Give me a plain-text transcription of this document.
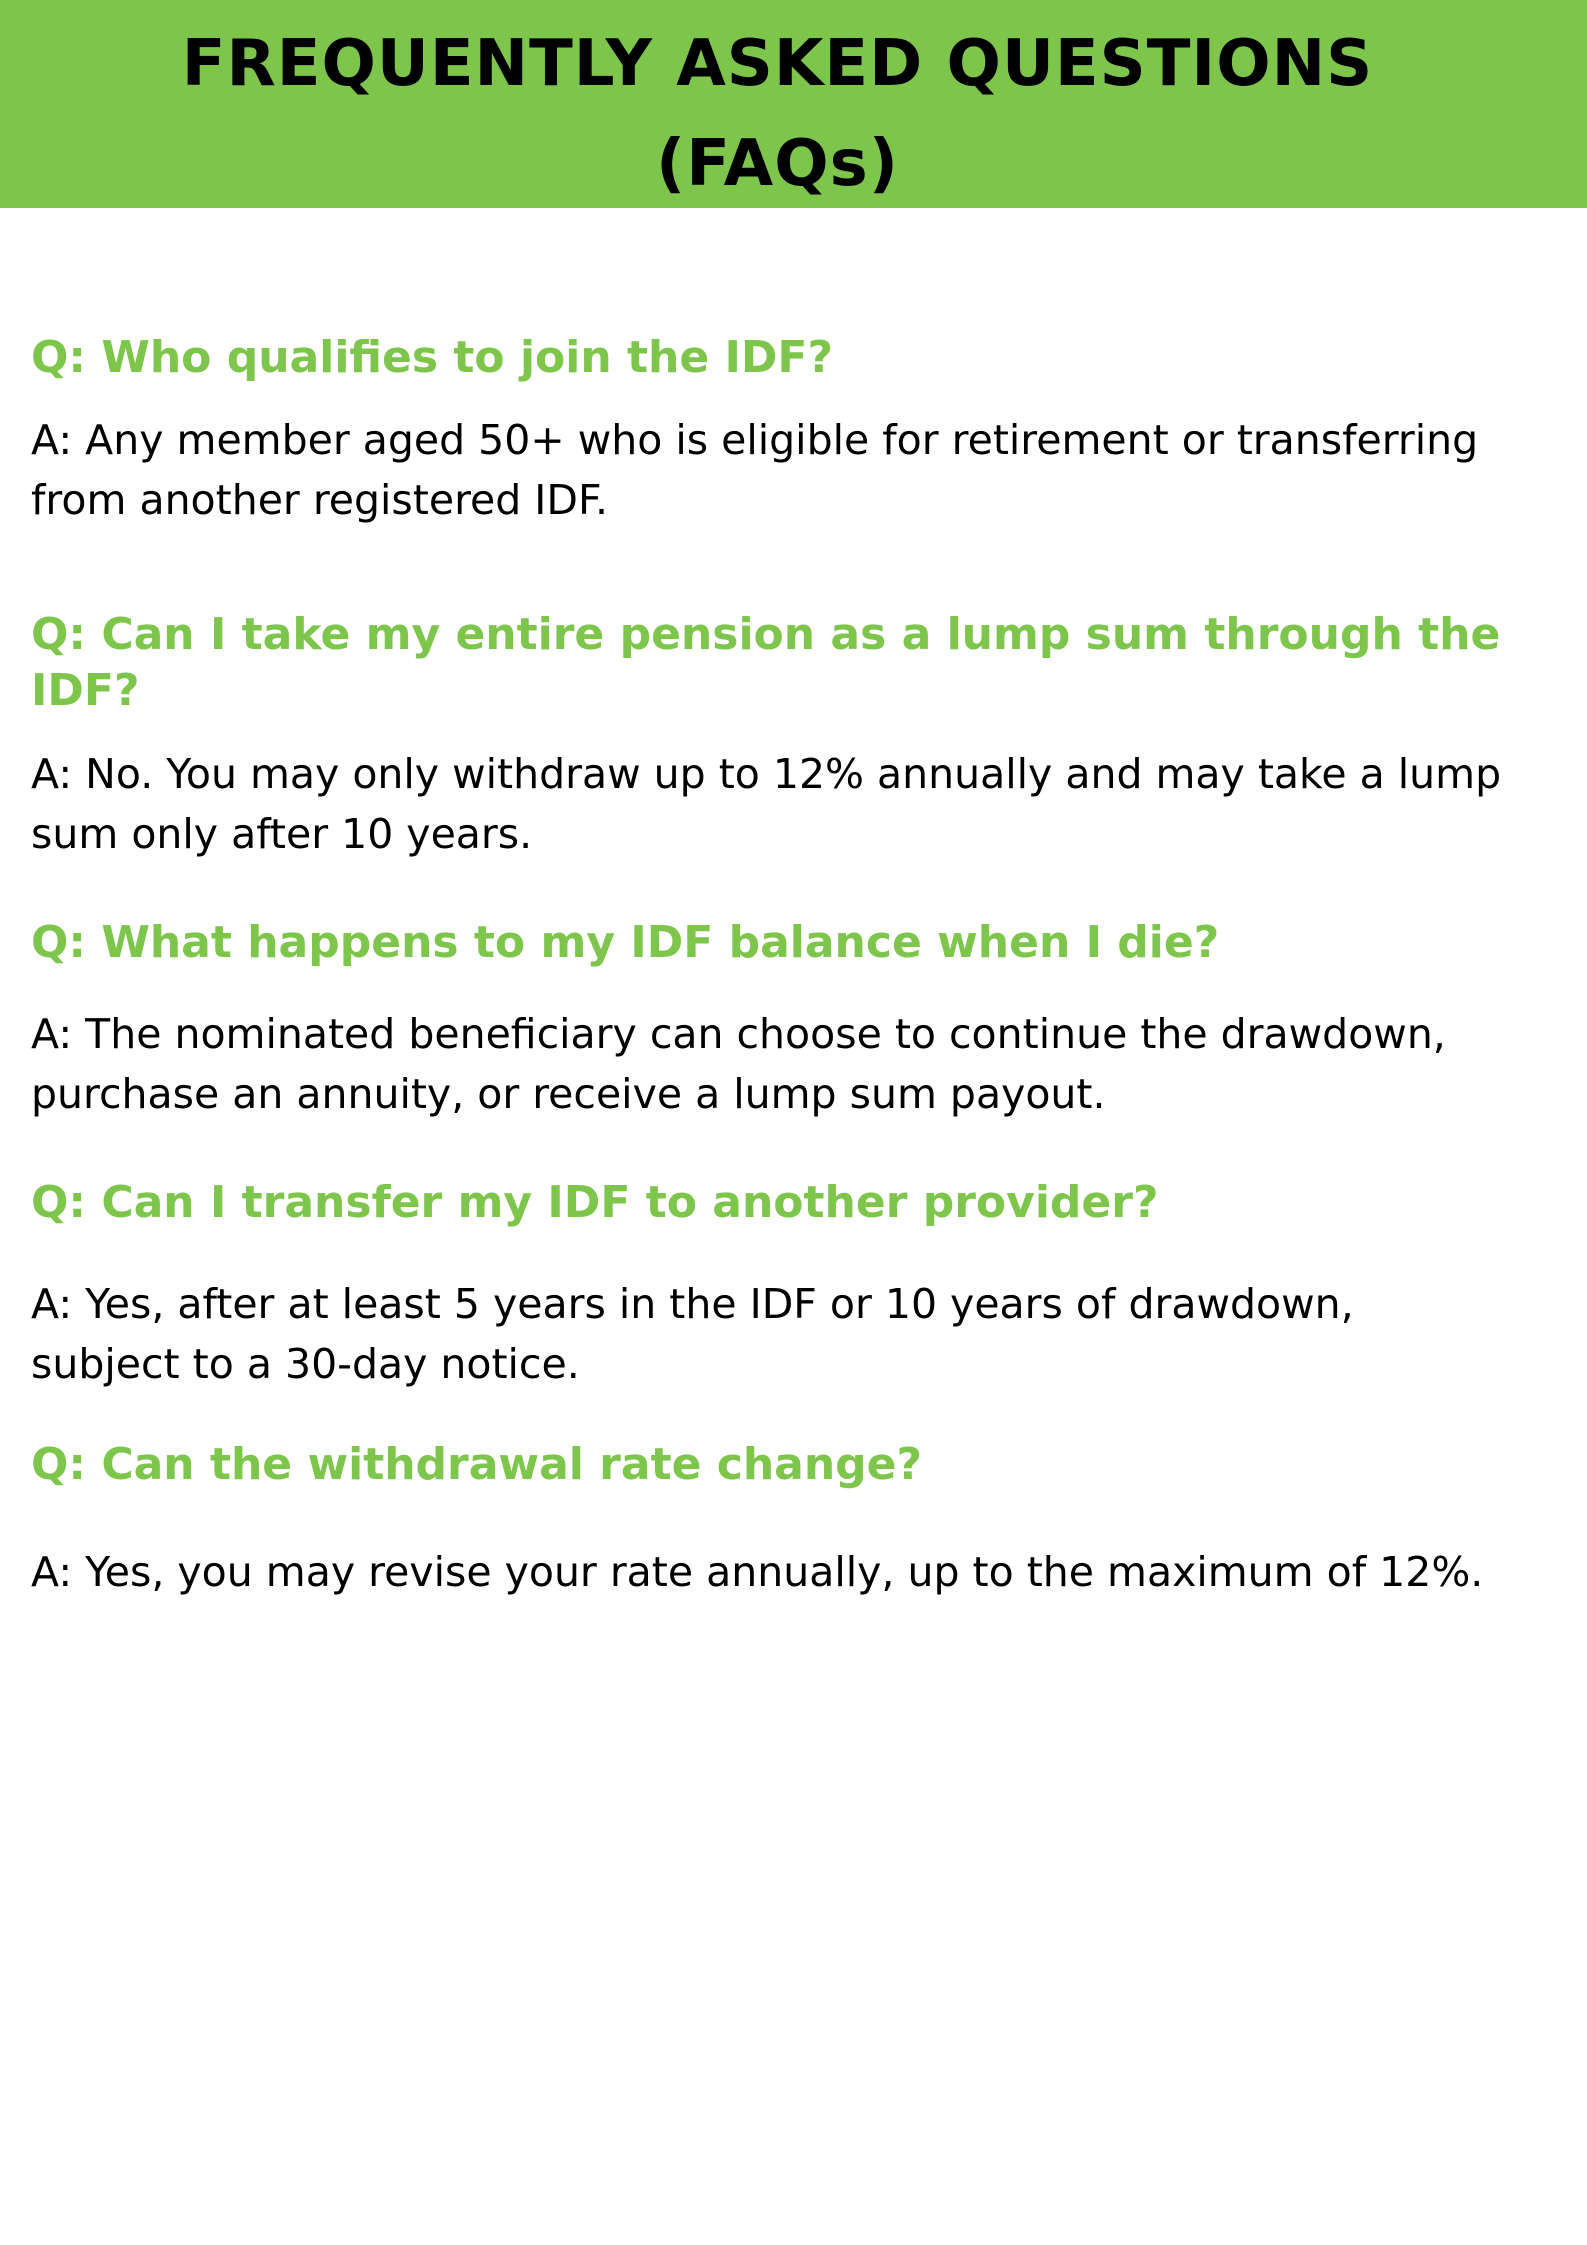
FREQUENTLY ASKED QUESTIONS
(FAQs)
Q: Who qualifies to join the IDF?

A: Any member aged 50+ who is eligible for retirement or transferring
from another registered IDF.

Q: Can I take my entire pension as a lump sum through the
IDF?

A: No. You may only withdraw up to 12% annually and may take a lump
sum only after 10 years.

Q: What happens to my IDF balance when I die?

A: The nominated beneficiary can choose to continue the drawdown,
purchase an annuity, or receive a lump sum payout.

Q: Can I transfer my IDF to another provider?

A: Yes, after at least 5 years in the IDF or 10 years of drawdown,
subject to a 30-day notice.

Q: Can the withdrawal rate change?

A: Yes, you may revise your rate annually, up to the maximum of 12%.
